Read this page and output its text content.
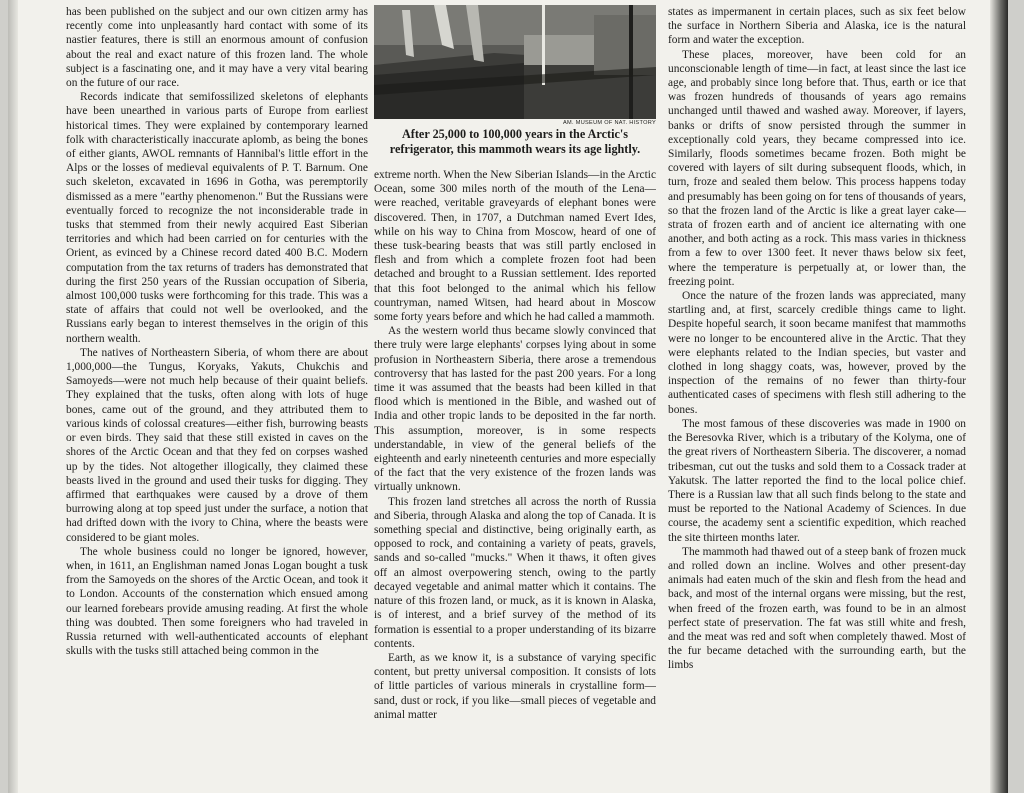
has been published on the subject and our own citizen army has recently come into unpleasantly hard contact with some of its nastier features, there is still an enormous amount of confusion about the real and exact nature of this frozen land. The whole subject is a fascinating one, and it may have a very vital bearing on the future of our race.

Records indicate that semifossilized skeletons of elephants have been unearthed in various parts of Europe from earliest historical times. They were explained by contemporary learned folk with characteristically inaccurate aplomb, as being the bones of either giants, AWOL remnants of Hannibal's little effort in the Alps or the losses of medieval equivalents of P. T. Barnum. One such skeleton, excavated in 1696 in Gotha, was peremptorily dismissed as a mere "earthy phenomenon." But the Russians were eventually forced to recognize the not inconsiderable trade in tusks that stemmed from their newly acquired East Siberian territories and which had been carried on for centuries with the Orient, as evinced by a Chinese record dated 400 B.C. Modern computation from the tax returns of traders has demonstrated that during the first 250 years of the Russian occupation of Siberia, almost 100,000 tusks were forthcoming for this trade. This was a state of affairs that could not well be overlooked, and the Russians early began to interest themselves in the origin of this northern wealth.

The natives of Northeastern Siberia, of whom there are about 1,000,000—the Tungus, Koryaks, Yakuts, Chukchis and Samoyeds—were not much help because of their quaint beliefs. They explained that the tusks, often along with lots of huge bones, came out of the ground, and they attributed them to various kinds of colossal creatures—either fish, burrowing beasts or even birds. They said that these still existed in caves on the shores of the Arctic Ocean and that they fed on corpses washed up by the tides. Not altogether illogically, they claimed these beasts lived in the ground and used their tusks for digging. They affirmed that earthquakes were caused by a drove of them burrowing along at top speed just under the surface, a notion that had drifted down with the ivory to China, where the beasts were considered to be giant moles.

The whole business could no longer be ignored, however, when, in 1611, an Englishman named Jonas Logan bought a tusk from the Samoyeds on the shores of the Arctic Ocean, and took it to London. Accounts of the consternation which ensued among our learned forebears provide amusing reading. At first the whole thing was doubted. Then some foreigners who had traveled in Russia returned with well-authenticated accounts of elephant skulls with the tusks still attached being common in the

AM. MUSEUM OF NAT. HISTORY
After 25,000 to 100,000 years in the Arctic's refrigerator, this mammoth wears its age lightly.

extreme north. When the New Siberian Islands—in the Arctic Ocean, some 300 miles north of the mouth of the Lena—were reached, veritable graveyards of elephant bones were discovered. Then, in 1707, a Dutchman named Evert Ides, while on his way to China from Moscow, heard of one of these tusk-bearing beasts that was still partly enclosed in flesh and from which a complete frozen foot had been detached and brought to a Russian settlement. Ides reported that this foot belonged to the animal which his fellow countryman, named Witsen, had heard about in Moscow some forty years before and which he had called a mammoth.

As the western world thus became slowly convinced that there truly were large elephants' corpses lying about in some profusion in Northeastern Siberia, there arose a tremendous controversy that has lasted for the past 200 years. For a long time it was assumed that the beasts had been killed in that flood which is mentioned in the Bible, and washed out of India and other tropic lands to be deposited in the far north. This assumption, moreover, is in some respects understandable, in view of the general beliefs of the eighteenth and early nineteenth centuries and more especially of the fact that the very existence of the frozen lands was virtually unknown.

This frozen land stretches all across the north of Russia and Siberia, through Alaska and along the top of Canada. It is something special and distinctive, being originally earth, as opposed to rock, and containing a variety of peats, gravels, sands and so-called "mucks." When it thaws, it often gives off an almost overpowering stench, owing to the partly decayed vegetable and animal matter which it contains. The nature of this frozen land, or muck, as it is known in Alaska, is of interest, and a brief survey of the method of its formation is essential to a proper understanding of its bizarre contents.

Earth, as we know it, is a substance of varying specific content, but pretty universal composition. It consists of lots of little particles of various minerals in crystalline form—sand, dust or rock, if you like—small pieces of vegetable and animal matter

states as impermanent in certain places, such as six feet below the surface in Northern Siberia and Alaska, ice is the natural form and water the exception.

These places, moreover, have been cold for an unconscionable length of time—in fact, at least since the last ice age, and probably since long before that. Thus, earth or ice that was frozen hundreds of thousands of years ago remains unchanged until thawed and washed away. Moreover, if layers, banks or drifts of snow persisted through the summer in exceptionally cold years, they became compressed into ice. Similarly, floods sometimes became frozen. Both might be covered with layers of silt during subsequent floods, which, in turn, froze and sealed them below. This process happens today and presumably has been going on for tens of thousands of years, so that the frozen land of the Arctic is like a great layer cake—strata of frozen earth and of ancient ice alternating with one another, and both acting as a rock. This mass varies in thickness from a few to over 1300 feet. It never thaws below six feet, where the temperature is perpetually at, or lower than, the freezing point.

Once the nature of the frozen lands was appreciated, many startling and, at first, scarcely credible things came to light. Despite hopeful search, it soon became manifest that mammoths were no longer to be encountered alive in the Arctic. That they were elephants related to the Indian species, but vaster and clothed in long shaggy coats, was, however, proved by the inspection of the remains of no fewer than thirty-four authenticated cases of specimens with flesh still adhering to the bones.

The most famous of these discoveries was made in 1900 on the Beresovka River, which is a tributary of the Kolyma, one of the great rivers of Northeastern Siberia. The discoverer, a nomad tribesman, cut out the tusks and sold them to a Cossack trader at Yakutsk. The latter reported the find to the local police chief. There is a Russian law that all such finds belong to the state and must be reported to the National Academy of Sciences. In due course, the academy sent a scientific expedition, which reached the site thirteen months later.

The mammoth had thawed out of a steep bank of frozen muck and rolled down an incline. Wolves and other present-day animals had eaten much of the skin and flesh from the head and back, and most of the internal organs were missing, but the rest, when freed of the frozen earth, was found to be in an almost perfect state of preservation. The fat was still white and fresh, and the meat was red and soft when completely thawed. Most of the fur became detached with the surrounding earth, but the limbs
